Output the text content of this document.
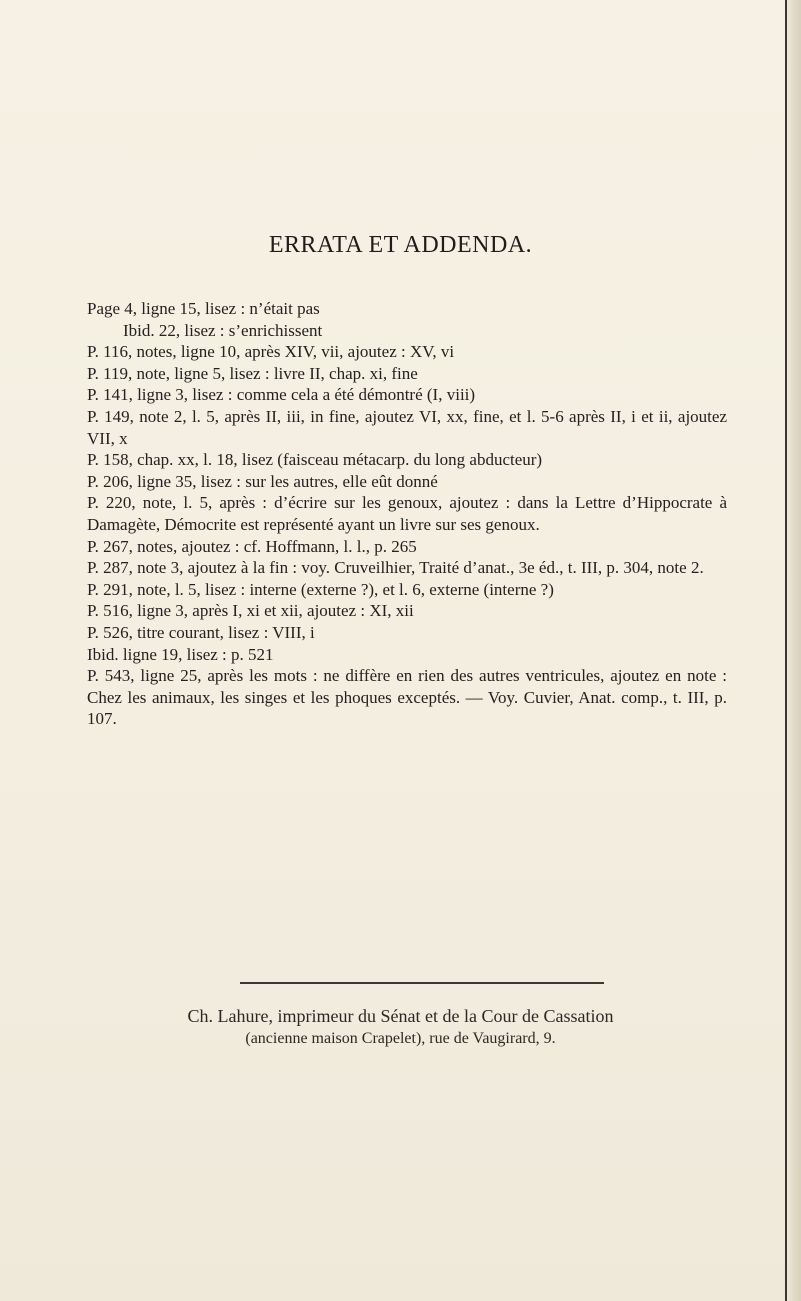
ERRATA ET ADDENDA.
Page 4, ligne 15, lisez : n’était pas
Ibid. 22, lisez : s’enrichissent
P. 116, notes, ligne 10, après XIV, vii, ajoutez : XV, vi
P. 119, note, ligne 5, lisez : livre II, chap. xi, fine
P. 141, ligne 3, lisez : comme cela a été démontré (I, viii)
P. 149, note 2, l. 5, après II, iii, in fine, ajoutez VI, xx, fine, et l. 5-6 après II, i et ii, ajoutez VII, x
P. 158, chap. xx, l. 18, lisez (faisceau métacarp. du long abducteur)
P. 206, ligne 35, lisez : sur les autres, elle eût donné
P. 220, note, l. 5, après : d’écrire sur les genoux, ajoutez : dans la Lettre d’Hippocrate à Damagète, Démocrite est représenté ayant un livre sur ses genoux.
P. 267, notes, ajoutez : cf. Hoffmann, l. l., p. 265
P. 287, note 3, ajoutez à la fin : voy. Cruveilhier, Traité d’anat., 3e éd., t. III, p. 304, note 2.
P. 291, note, l. 5, lisez : interne (externe ?), et l. 6, externe (interne ?)
P. 516, ligne 3, après I, xi et xii, ajoutez : XI, xii
P. 526, titre courant, lisez : VIII, i
Ibid. ligne 19, lisez : p. 521
P. 543, ligne 25, après les mots : ne diffère en rien des autres ventricules, ajoutez en note : Chez les animaux, les singes et les phoques exceptés. — Voy. Cuvier, Anat. comp., t. III, p. 107.

Ch. Lahure, imprimeur du Sénat et de la Cour de Cassation

(ancienne maison Crapelet), rue de Vaugirard, 9.
